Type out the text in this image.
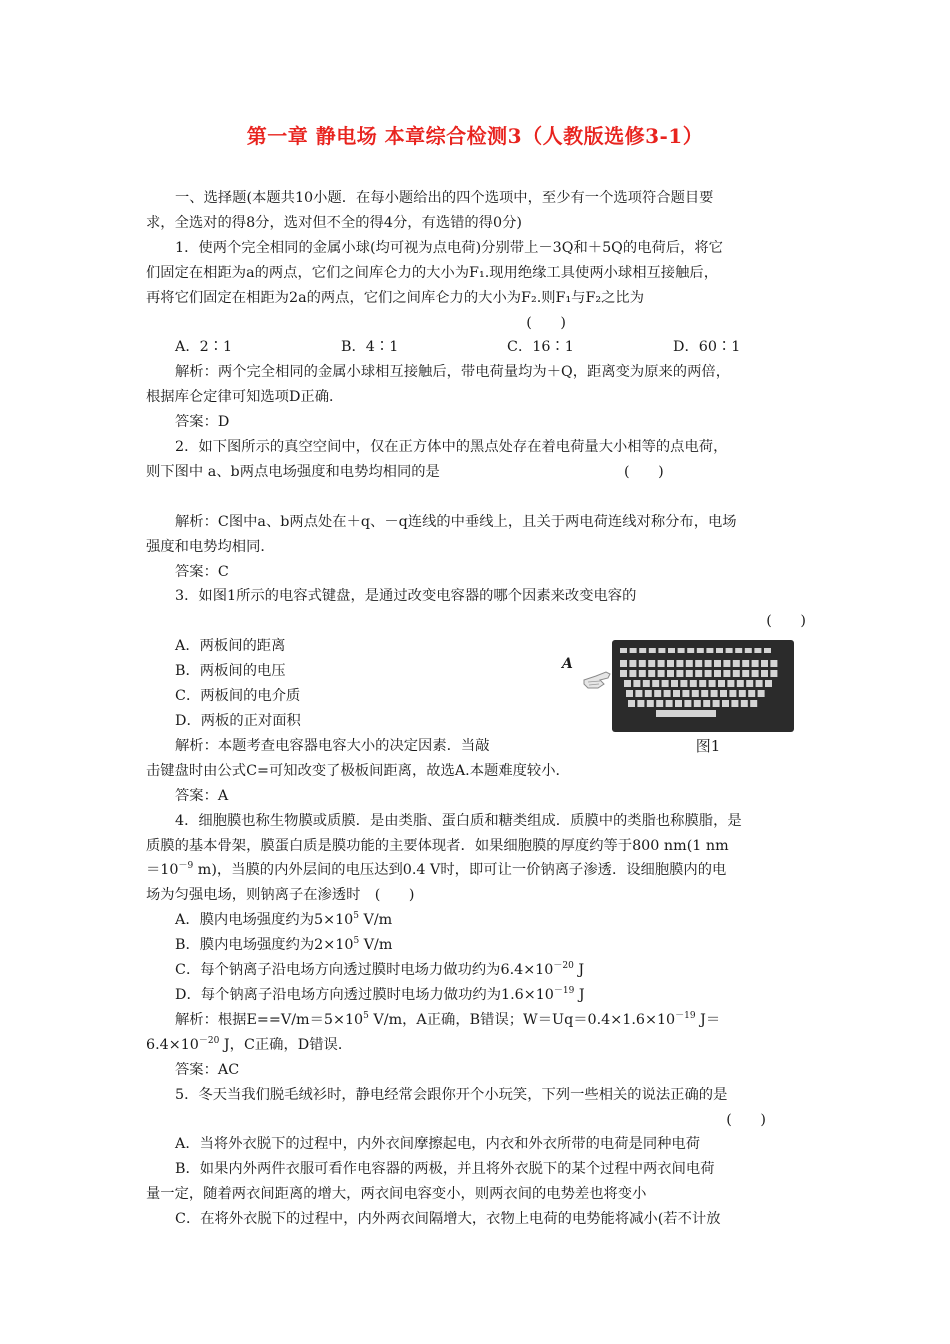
第一章 静电场 本章综合检测3（人教版选修3-1）

一、选择题(本题共10小题．在每小题给出的四个选项中，至少有一个选项符合题目要

求，全选对的得8分，选对但不全的得4分，有选错的得0分)

1．使两个完全相同的金属小球(均可视为点电荷)分别带上－3Q和＋5Q的电荷后，将它

们固定在相距为a的两点，它们之间库仑力的大小为F₁.现用绝缘工具使两小球相互接触后，

再将它们固定在相距为2a的两点，它们之间库仑力的大小为F₂.则F₁与F₂之比为

(　　)

A．2∶1	B．4∶1	C．16∶1	D．60∶1

解析：两个完全相同的金属小球相互接触后，带电荷量均为＋Q，距离变为原来的两倍，

根据库仑定律可知选项D正确．

答案：D

2．如下图所示的真空空间中，仅在正方体中的黑点处存在着电荷量大小相等的点电荷，

则下图中 a、b两点电场强度和电势均相同的是	(　　)

解析：C图中a、b两点处在＋q、－q连线的中垂线上，且关于两电荷连线对称分布，电场

强度和电势均相同．

答案：C

3．如图1所示的电容式键盘，是通过改变电容器的哪个因素来改变电容的

(　　)

A．两板间的距离

B．两板间的电压

C．两板间的电介质

D．两板的正对面积

解析：本题考查电容器电容大小的决定因素．当敲

A
图1

击键盘时由公式C=可知改变了极板间距离，故选A.本题难度较小．

答案：A

4．细胞膜也称生物膜或质膜．是由类脂、蛋白质和糖类组成．质膜中的类脂也称膜脂，是

质膜的基本骨架，膜蛋白质是膜功能的主要体现者．如果细胞膜的厚度约等于800 nm(1 nm

$=10^{-9}$ m)，当膜的内外层间的电压达到0.4 V时，即可让一价钠离子渗透．设细胞膜内的电

场为匀强电场，则钠离子在渗透时　(　　)

A．膜内电场强度约为$5\times 10^5$ V/m

B．膜内电场强度约为$2\times 10^5$ V/m

C．每个钠离子沿电场方向透过膜时电场力做功约为$6.4\times 10^{-20}$ J

D．每个钠离子沿电场方向透过膜时电场力做功约为$1.6\times 10^{-19}$ J

解析：根据$E==V/m=5\times 10^5$ V/m，A正确，B错误；$W=Uq=0.4\times 1.6\times 10^{-19}$ J＝

$6.4\times 10^{-20}$ J，C正确，D错误．

答案：AC

5．冬天当我们脱毛绒衫时，静电经常会跟你开个小玩笑，下列一些相关的说法正确的是

(　　)

A．当将外衣脱下的过程中，内外衣间摩擦起电，内衣和外衣所带的电荷是同种电荷

B．如果内外两件衣服可看作电容器的两极，并且将外衣脱下的某个过程中两衣间电荷

量一定，随着两衣间距离的增大，两衣间电容变小，则两衣间的电势差也将变小

C．在将外衣脱下的过程中，内外两衣间隔增大，衣物上电荷的电势能将减小(若不计放
